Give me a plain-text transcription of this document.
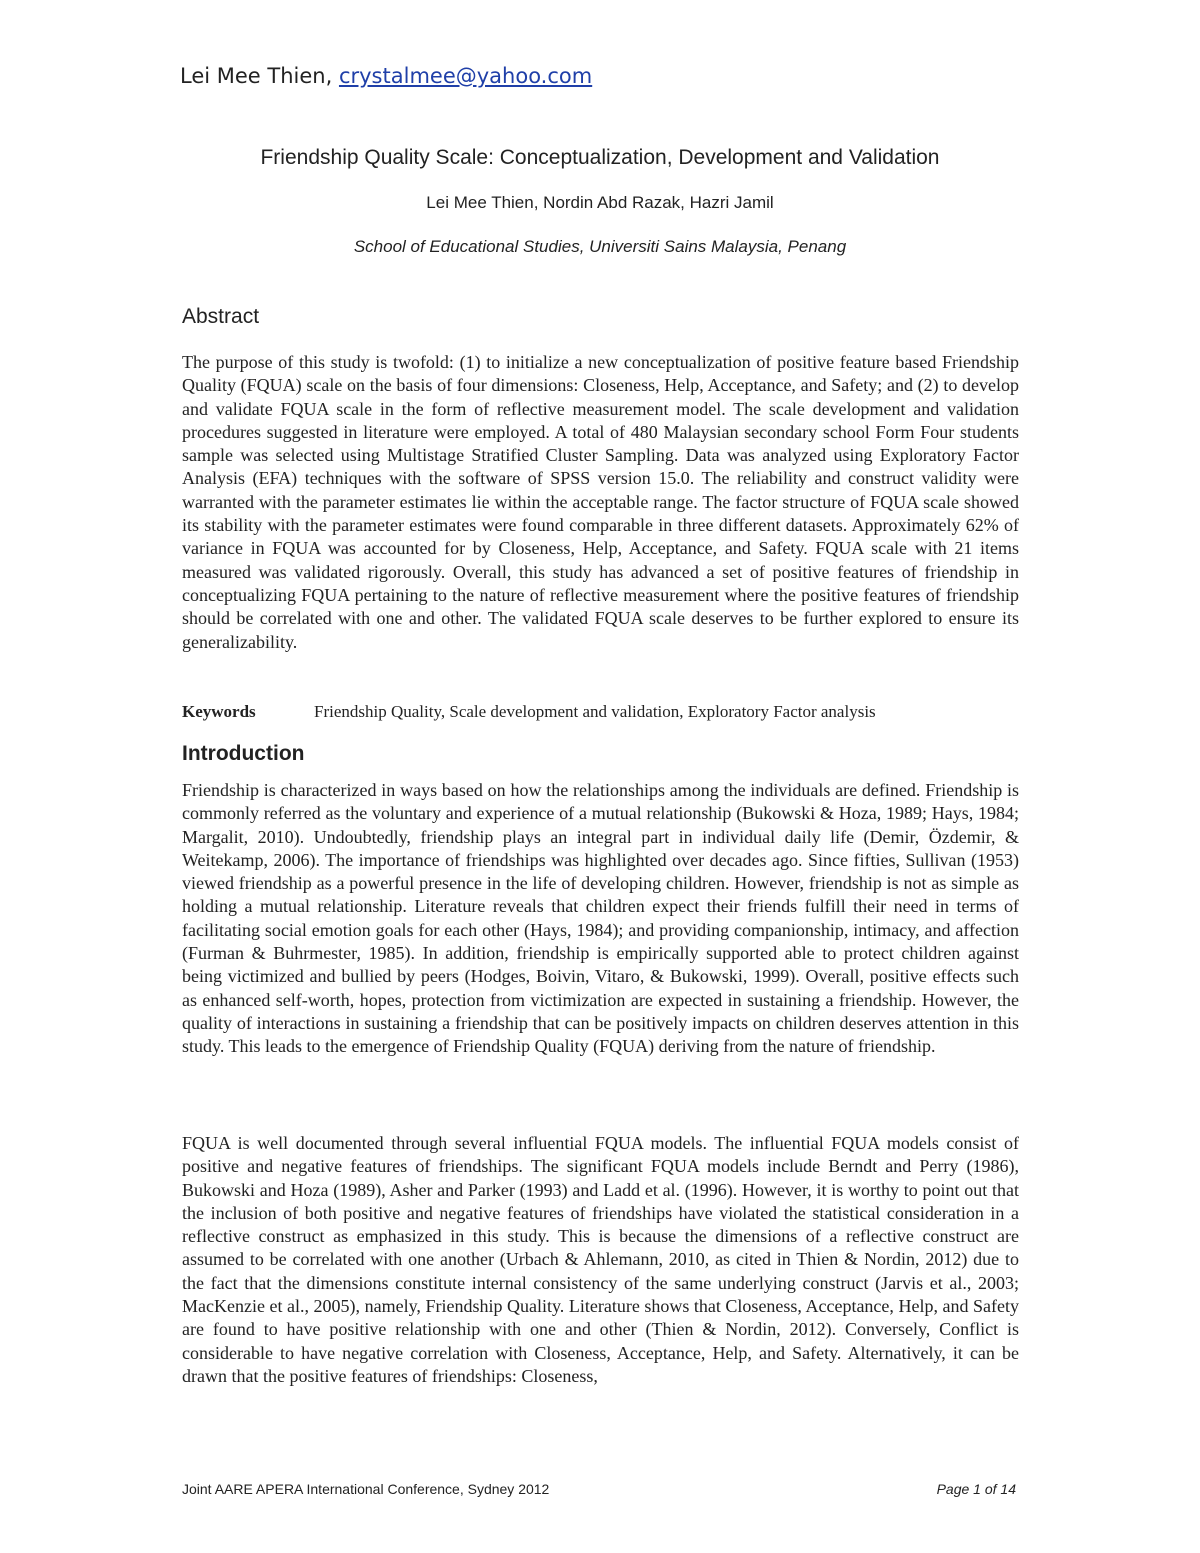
Lei Mee Thien, crystalmee@yahoo.com
Friendship Quality Scale: Conceptualization, Development and Validation
Lei Mee Thien, Nordin Abd Razak, Hazri Jamil
School of Educational Studies, Universiti Sains Malaysia, Penang
Abstract

The purpose of this study is twofold: (1) to initialize a new conceptualization of positive feature based Friendship Quality (FQUA) scale on the basis of four dimensions: Closeness, Help, Acceptance, and Safety; and (2) to develop and validate FQUA scale in the form of reflective measurement model. The scale development and validation procedures suggested in literature were employed. A total of 480 Malaysian secondary school Form Four students sample was selected using Multistage Stratified Cluster Sampling. Data was analyzed using Exploratory Factor Analysis (EFA) techniques with the software of SPSS version 15.0. The reliability and construct validity were warranted with the parameter estimates lie within the acceptable range. The factor structure of FQUA scale showed its stability with the parameter estimates were found comparable in three different datasets. Approximately 62% of variance in FQUA was accounted for by Closeness, Help, Acceptance, and Safety. FQUA scale with 21 items measured was validated rigorously. Overall, this study has advanced a set of positive features of friendship in conceptualizing FQUA pertaining to the nature of reflective measurement where the positive features of friendship should be correlated with one and other. The validated FQUA scale deserves to be further explored to ensure its generalizability.

Keywords	Friendship Quality, Scale development and validation, Exploratory Factor analysis
Introduction

Friendship is characterized in ways based on how the relationships among the individuals are defined. Friendship is commonly referred as the voluntary and experience of a mutual relationship (Bukowski & Hoza, 1989; Hays, 1984; Margalit, 2010). Undoubtedly, friendship plays an integral part in individual daily life (Demir, Özdemir, & Weitekamp, 2006). The importance of friendships was highlighted over decades ago. Since fifties, Sullivan (1953) viewed friendship as a powerful presence in the life of developing children. However, friendship is not as simple as holding a mutual relationship. Literature reveals that children expect their friends fulfill their need in terms of facilitating social emotion goals for each other (Hays, 1984); and providing companionship, intimacy, and affection (Furman & Buhrmester, 1985). In addition, friendship is empirically supported able to protect children against being victimized and bullied by peers (Hodges, Boivin, Vitaro, & Bukowski, 1999). Overall, positive effects such as enhanced self-worth, hopes, protection from victimization are expected in sustaining a friendship. However, the quality of interactions in sustaining a friendship that can be positively impacts on children deserves attention in this study. This leads to the emergence of Friendship Quality (FQUA) deriving from the nature of friendship.

FQUA is well documented through several influential FQUA models. The influential FQUA models consist of positive and negative features of friendships. The significant FQUA models include Berndt and Perry (1986), Bukowski and Hoza (1989), Asher and Parker (1993) and Ladd et al. (1996). However, it is worthy to point out that the inclusion of both positive and negative features of friendships have violated the statistical consideration in a reflective construct as emphasized in this study. This is because the dimensions of a reflective construct are assumed to be correlated with one another (Urbach & Ahlemann, 2010, as cited in Thien & Nordin, 2012) due to the fact that the dimensions constitute internal consistency of the same underlying construct (Jarvis et al., 2003; MacKenzie et al., 2005), namely, Friendship Quality. Literature shows that Closeness, Acceptance, Help, and Safety are found to have positive relationship with one and other (Thien & Nordin, 2012). Conversely, Conflict is considerable to have negative correlation with Closeness, Acceptance, Help, and Safety. Alternatively, it can be drawn that the positive features of friendships: Closeness,

Joint AARE APERA International Conference, Sydney 2012	Page 1 of 14
